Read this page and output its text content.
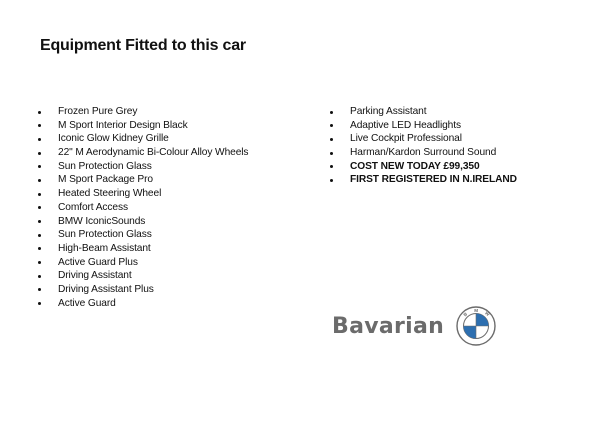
Equipment Fitted to this car
Frozen Pure Grey
M Sport Interior Design Black
Iconic Glow Kidney Grille
22" M Aerodynamic Bi-Colour Alloy Wheels
Sun Protection Glass
M Sport Package Pro
Heated Steering Wheel
Comfort Access
BMW IconicSounds
Sun Protection Glass
High-Beam Assistant
Active Guard Plus
Driving Assistant
Driving Assistant Plus
Active Guard
Parking Assistant
Adaptive LED Headlights
Live Cockpit Professional
Harman/Kardon Surround Sound
COST NEW TODAY £99,350
FIRST REGISTERED IN N.IRELAND
Bavarian	B
M
W
